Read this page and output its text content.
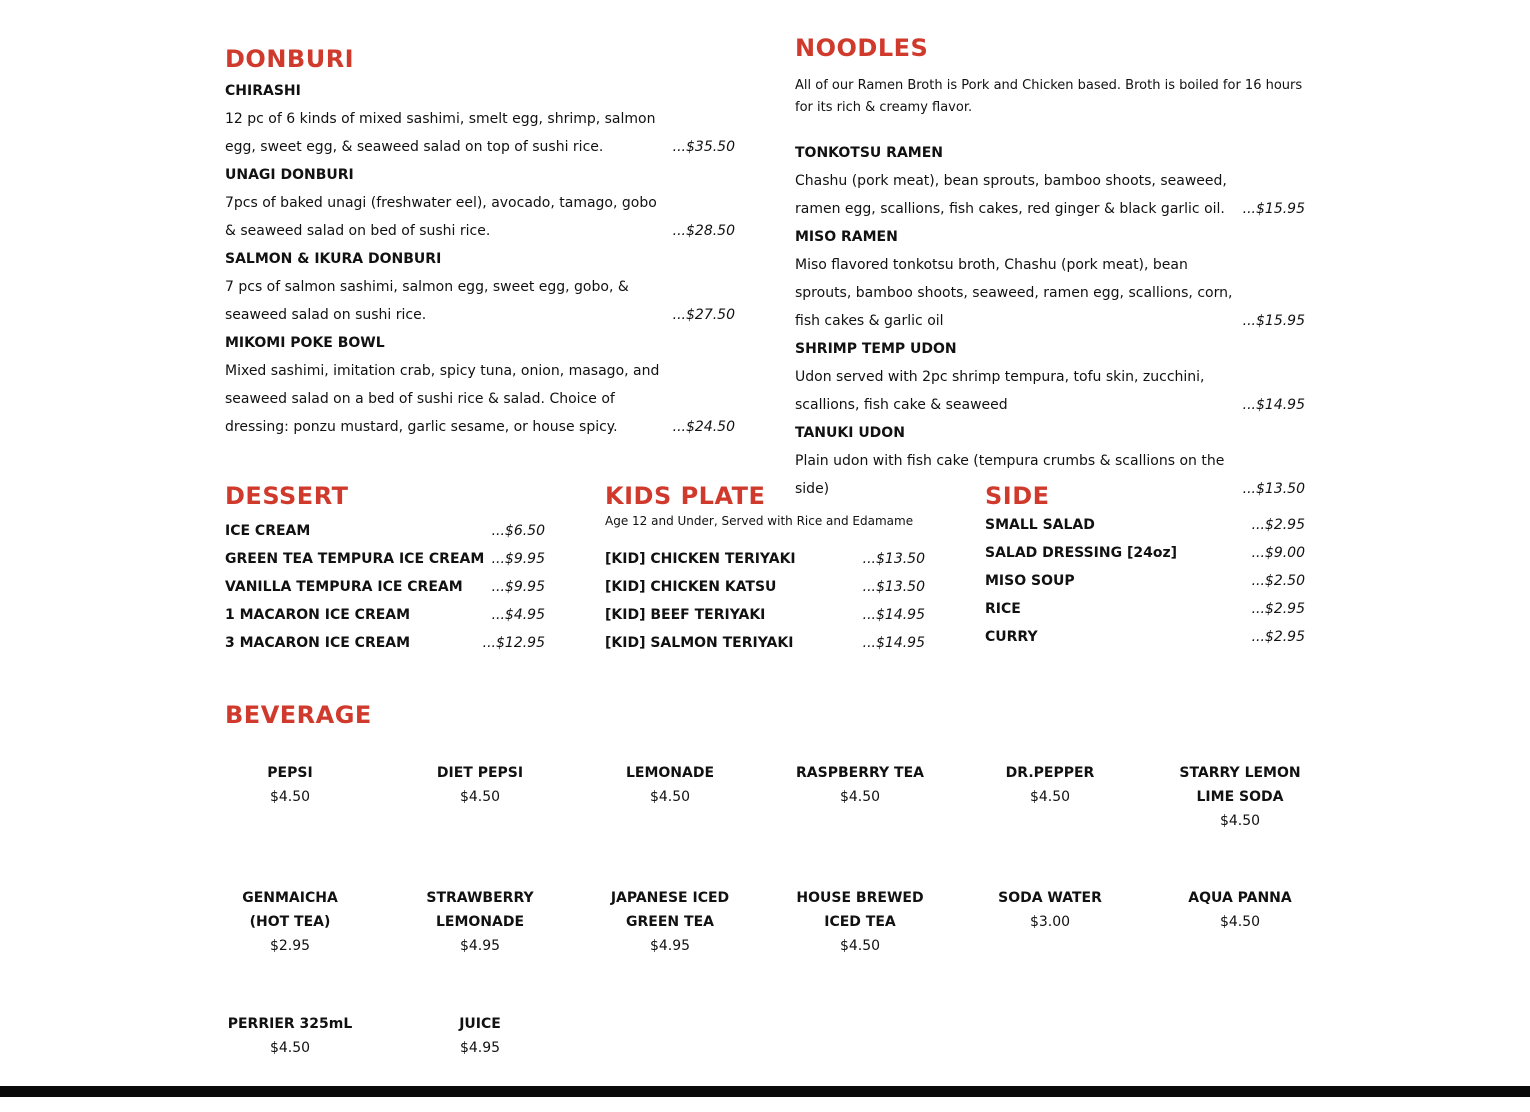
DONBURI
CHIRASHI
12 pc of 6 kinds of mixed sashimi, smelt egg, shrimp, salmon egg, sweet egg, & seaweed salad on top of sushi rice.	...$35.50
UNAGI DONBURI
7pcs of baked unagi (freshwater eel), avocado, tamago, gobo & seaweed salad on bed of sushi rice.	...$28.50
SALMON & IKURA DONBURI
7 pcs of salmon sashimi, salmon egg, sweet egg, gobo, & seaweed salad on sushi rice.	...$27.50
MIKOMI POKE BOWL
Mixed sashimi, imitation crab, spicy tuna, onion, masago, and seaweed salad on a bed of sushi rice & salad. Choice of dressing: ponzu mustard, garlic sesame, or house spicy.	...$24.50
NOODLES

All of our Ramen Broth is Pork and Chicken based. Broth is boiled for 16 hours for its rich & creamy flavor.

TONKOTSU RAMEN
Chashu (pork meat), bean sprouts, bamboo shoots, seaweed, ramen egg, scallions, fish cakes, red ginger & black garlic oil. ...$15.95
MISO RAMEN
Miso flavored tonkotsu broth, Chashu (pork meat), bean sprouts, bamboo shoots, seaweed, ramen egg, scallions, corn, fish cakes & garlic oil	...$15.95
SHRIMP TEMP UDON
Udon served with 2pc shrimp tempura, tofu skin, zucchini, scallions, fish cake & seaweed	...$14.95
TANUKI UDON
Plain udon with fish cake (tempura crumbs & scallions on the side)	...$13.50
DESSERT
ICE CREAM	...$6.50
GREEN TEA TEMPURA ICE CREAM ...$9.95
VANILLA TEMPURA ICE CREAM ...$9.95
1 MACARON ICE CREAM	...$4.95
3 MACARON ICE CREAM	...$12.95
KIDS PLATE

Age 12 and Under, Served with Rice and Edamame

[KID] CHICKEN TERIYAKI	...$13.50
[KID] CHICKEN KATSU	...$13.50
[KID] BEEF TERIYAKI	...$14.95
[KID] SALMON TERIYAKI	...$14.95
SIDE
SMALL SALAD	...$2.95
SALAD DRESSING [24oz]	...$9.00
MISO SOUP	...$2.50
RICE	...$2.95
CURRY	...$2.95
BEVERAGE
PEPSI
$4.50
DIET PEPSI
$4.50
LEMONADE
$4.50
RASPBERRY TEA
$4.50
DR.PEPPER
$4.50
STARRY LEMON LIME SODA
$4.50
GENMAICHA (HOT TEA)
$2.95
STRAWBERRY LEMONADE
$4.95
JAPANESE ICED GREEN TEA
$4.95
HOUSE BREWED ICED TEA
$4.50
SODA WATER
$3.00
AQUA PANNA
$4.50
PERRIER 325mL
$4.50
JUICE
$4.95
